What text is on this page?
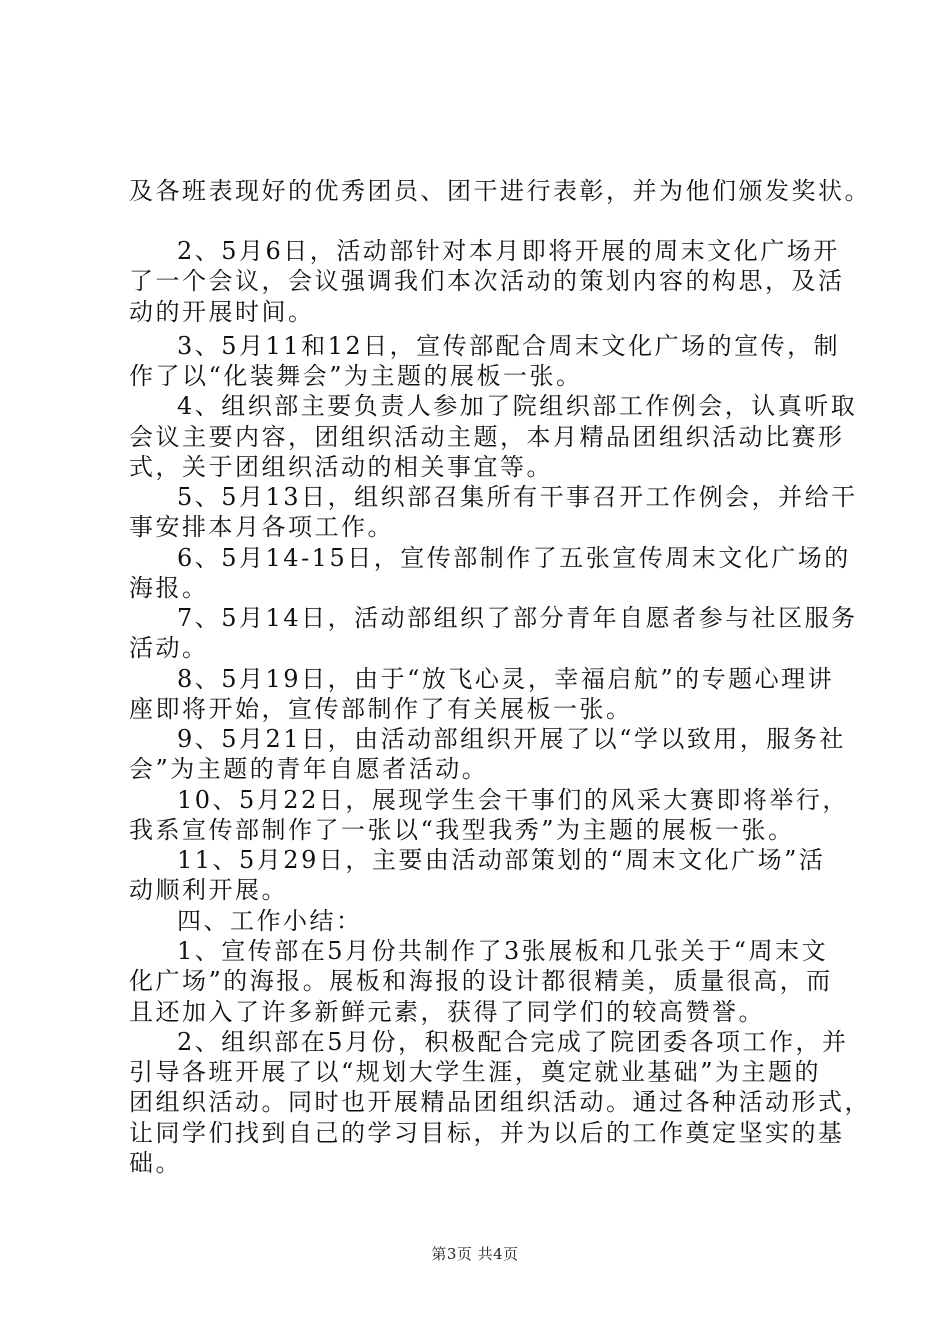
及各班表现好的优秀团员、团干进行表彰，并为他们颁发奖状。
2、5月6日，活动部针对本月即将开展的周末文化广场开
了一个会议，会议强调我们本次活动的策划内容的构思，及活
动的开展时间。
3、5月11和12日，宣传部配合周末文化广场的宣传，制
作了以“化装舞会”为主题的展板一张。
4、组织部主要负责人参加了院组织部工作例会，认真听取
会议主要内容，团组织活动主题，本月精品团组织活动比赛形
式，关于团组织活动的相关事宜等。
5、5月13日，组织部召集所有干事召开工作例会，并给干
事安排本月各项工作。
6、5月14-15日，宣传部制作了五张宣传周末文化广场的
海报。
7、5月14日，活动部组织了部分青年自愿者参与社区服务
活动。
8、5月19日，由于“放飞心灵，幸福启航”的专题心理讲
座即将开始，宣传部制作了有关展板一张。
9、5月21日，由活动部组织开展了以“学以致用，服务社
会”为主题的青年自愿者活动。
10、5月22日，展现学生会干事们的风采大赛即将举行，
我系宣传部制作了一张以“我型我秀”为主题的展板一张。
11、5月29日，主要由活动部策划的“周末文化广场”活
动顺利开展。
四、工作小结：
1、宣传部在5月份共制作了3张展板和几张关于“周末文
化广场”的海报。展板和海报的设计都很精美，质量很高，而
且还加入了许多新鲜元素，获得了同学们的较高赞誉。
2、组织部在5月份，积极配合完成了院团委各项工作，并
引导各班开展了以“规划大学生涯，奠定就业基础”为主题的
团组织活动。同时也开展精品团组织活动。通过各种活动形式，
让同学们找到自己的学习目标，并为以后的工作奠定坚实的基
础。
第3页 共4页
